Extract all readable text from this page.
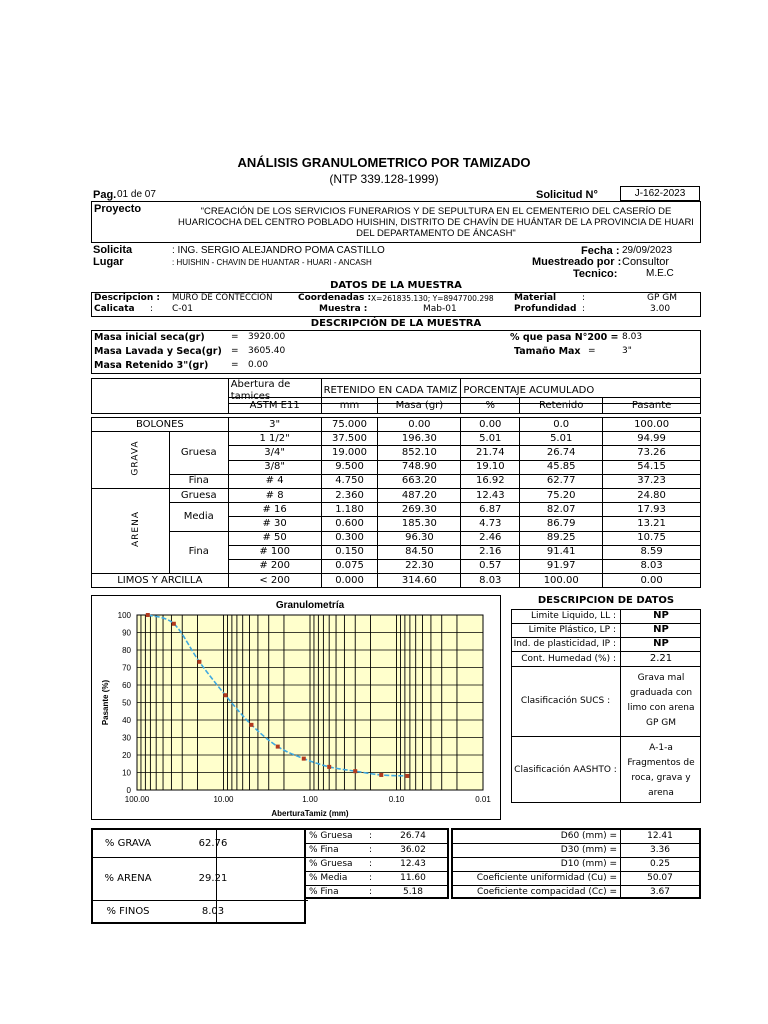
ANÁLISIS GRANULOMETRICO POR TAMIZADO
(NTP 339.128-1999)
Pag. 01 de 07	Solicitud N°	J-162-2023
Proyecto	"CREACIÓN DE LOS SERVICIOS FUNERARIOS Y DE SEPULTURA EN EL CEMENTERIO DEL CASERÍO DE HUARICOCHA DEL CENTRO POBLADO HUISHIN, DISTRITO DE CHAVÍN DE HUÁNTAR DE LA PROVINCIA DE HUARI DEL DEPARTAMENTO DE ÁNCASH"
Solicita	: ING. SERGIO ALEJANDRO POMA CASTILLO
Lugar	: HUISHIN - CHAVIN DE HUANTAR - HUARI - ANCASH
Fecha : 29/09/2023
Muestreado por : Consultor
Tecnico:	M.E.C
DATOS DE LA MUESTRA
Descripcion : MURO DE CONTECCION	Coordenadas : X=261835.130; Y=8947700.298 Material	:	GP GM
Calicata : C-01	Muestra :	Mab-01	Profundidad :	3.00
DESCRIPCIÓN DE LA MUESTRA
Masa inicial seca(gr)	= 3920.00
Masa Lavada y Seca(gr) = 3605.40
Masa Retenido 3"(gr)	= 0.00
% que pasa N°200 = 8.03
Tamaño Max =	3"
	Abertura de tamices	RETENIDO EN CADA TAMIZ	PORCENTAJE ACUMULADO
		ASTM E11	mm	Masa (gr)	%	Retenido	Pasante

BOLONES		3"	75.000	0.00	0.00	0.0	100.00

GRAVA		1 1/2"	37.500	196.30	5.01	5.01	94.99
	Gruesa	3/4"	19.000	852.10	21.74	26.74	73.26
		3/8"	9.500	748.90	19.10	45.85	54.15
	Fina	# 4	4.750	663.20	16.92	62.77	37.23

ARENA	Gruesa	# 8	2.360	487.20	12.43	75.20	24.80
	Media	# 16	1.180	269.30	6.87	82.07	17.93
		# 30	0.600	185.30	4.73	86.79	13.21
	Fina	# 50	0.300	96.30	2.46	89.25	10.75
		# 100	0.150	84.50	2.16	91.41	8.59
		# 200	0.075	22.30	0.57	91.97	8.03
LIMOS Y ARCILLA		< 200	0.000	314.60	8.03	100.00	0.00
0
10
20
30
40
50
60
70
80
90
100
100.00	10.00	1.00	0.10	0.01
Granulometría
AberturaTamiz (mm)
Pasante (%)
DESCRIPCION DE DATOS
Limite Liquido, LL :	NP
Limite Plástico, LP :	NP
Ind. de plasticidad, IP :	NP
Cont. Humedad (%) :	2.21
Clasificación SUCS :
Grava mal
graduada con
limo con arena
GP GM
Clasificación AASHTO :
A-1-a
Fragmentos de
roca, grava y
arena
% GRAVA	62.76
% ARENA	29.21
% FINOS	8.03
% Gruesa :	26.74
% Fina	:	36.02
% Gruesa :	12.43
% Media :	11.60
% Fina	:	5.18
D60 (mm) =	12.41
D30 (mm) =	3.36
D10 (mm) =	0.25
Coeficiente uniformidad (Cu) =	50.07
Coeficiente compacidad (Cc) =	3.67
